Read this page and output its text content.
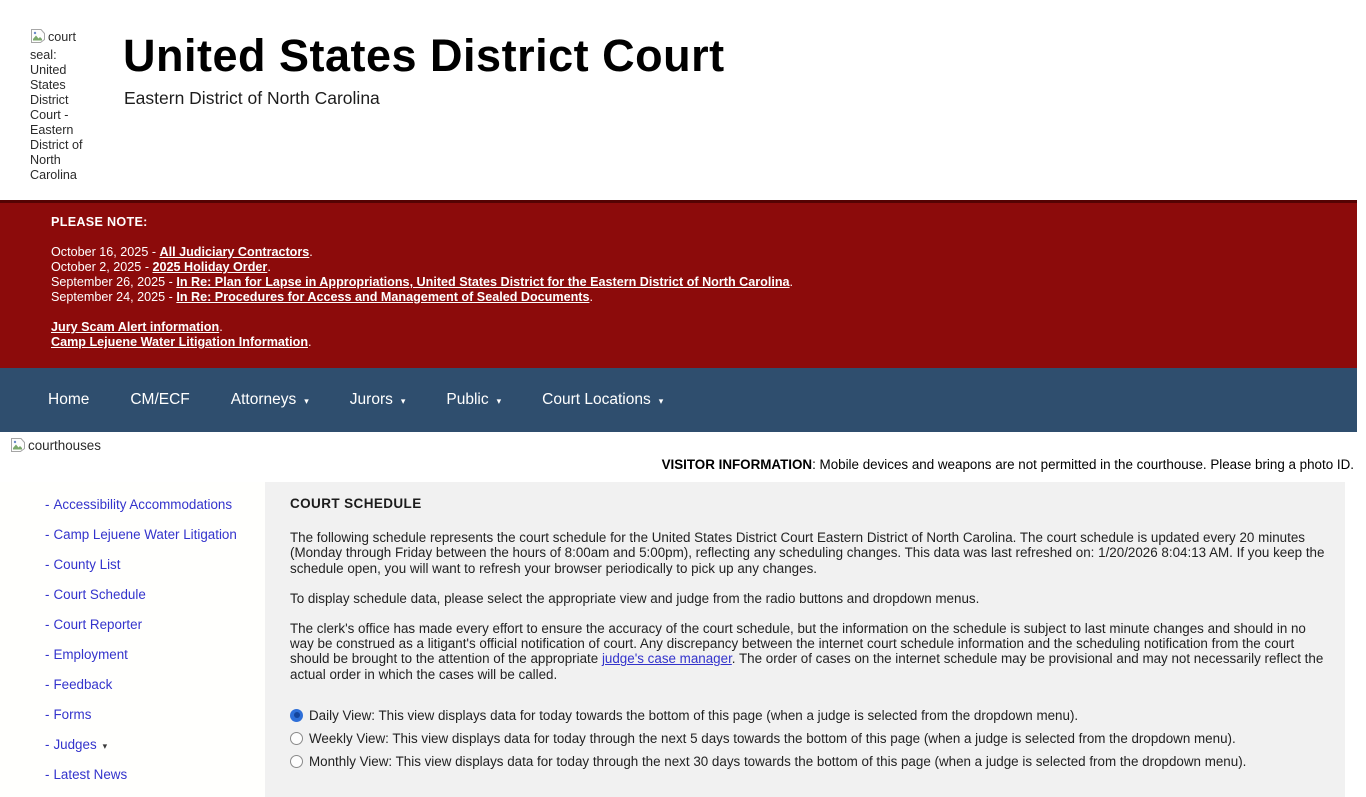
court seal: United States District Court - Eastern District of North Carolina
United States District Court
Eastern District of North Carolina
PLEASE NOTE:
October 16, 2025 - All Judiciary Contractors.
October 2, 2025 - 2025 Holiday Order.
September 26, 2025 - In Re: Plan for Lapse in Appropriations, United States District for the Eastern District of North Carolina.
September 24, 2025 - In Re: Procedures for Access and Management of Sealed Documents.
Jury Scam Alert information.
Camp Lejuene Water Litigation Information.
Home	CM/ECF	Attorneys ▾	Jurors ▾	Public ▾	Court Locations ▾
courthouses
VISITOR INFORMATION: Mobile devices and weapons are not permitted in the courthouse. Please bring a photo ID.
- Accessibility Accommodations
- Camp Lejuene Water Litigation
- County List
- Court Schedule
- Court Reporter
- Employment
- Feedback
- Forms
- Judges ▾
- Latest News
COURT SCHEDULE

The following schedule represents the court schedule for the United States District Court Eastern District of North Carolina. The court schedule is updated every 20 minutes (Monday through Friday between the hours of 8:00am and 5:00pm), reflecting any scheduling changes. This data was last refreshed on: 1/20/2026 8:04:13 AM. If you keep the schedule open, you will want to refresh your browser periodically to pick up any changes.

To display schedule data, please select the appropriate view and judge from the radio buttons and dropdown menus.

The clerk's office has made every effort to ensure the accuracy of the court schedule, but the information on the schedule is subject to last minute changes and should in no way be construed as a litigant's official notification of court. Any discrepancy between the internet court schedule information and the scheduling notification from the court should be brought to the attention of the appropriate judge's case manager. The order of cases on the internet schedule may be provisional and may not necessarily reflect the actual order in which the cases will be called.

Daily View: This view displays data for today towards the bottom of this page (when a judge is selected from the dropdown menu).
Weekly View: This view displays data for today through the next 5 days towards the bottom of this page (when a judge is selected from the dropdown menu).
Monthly View: This view displays data for today through the next 30 days towards the bottom of this page (when a judge is selected from the dropdown menu).
